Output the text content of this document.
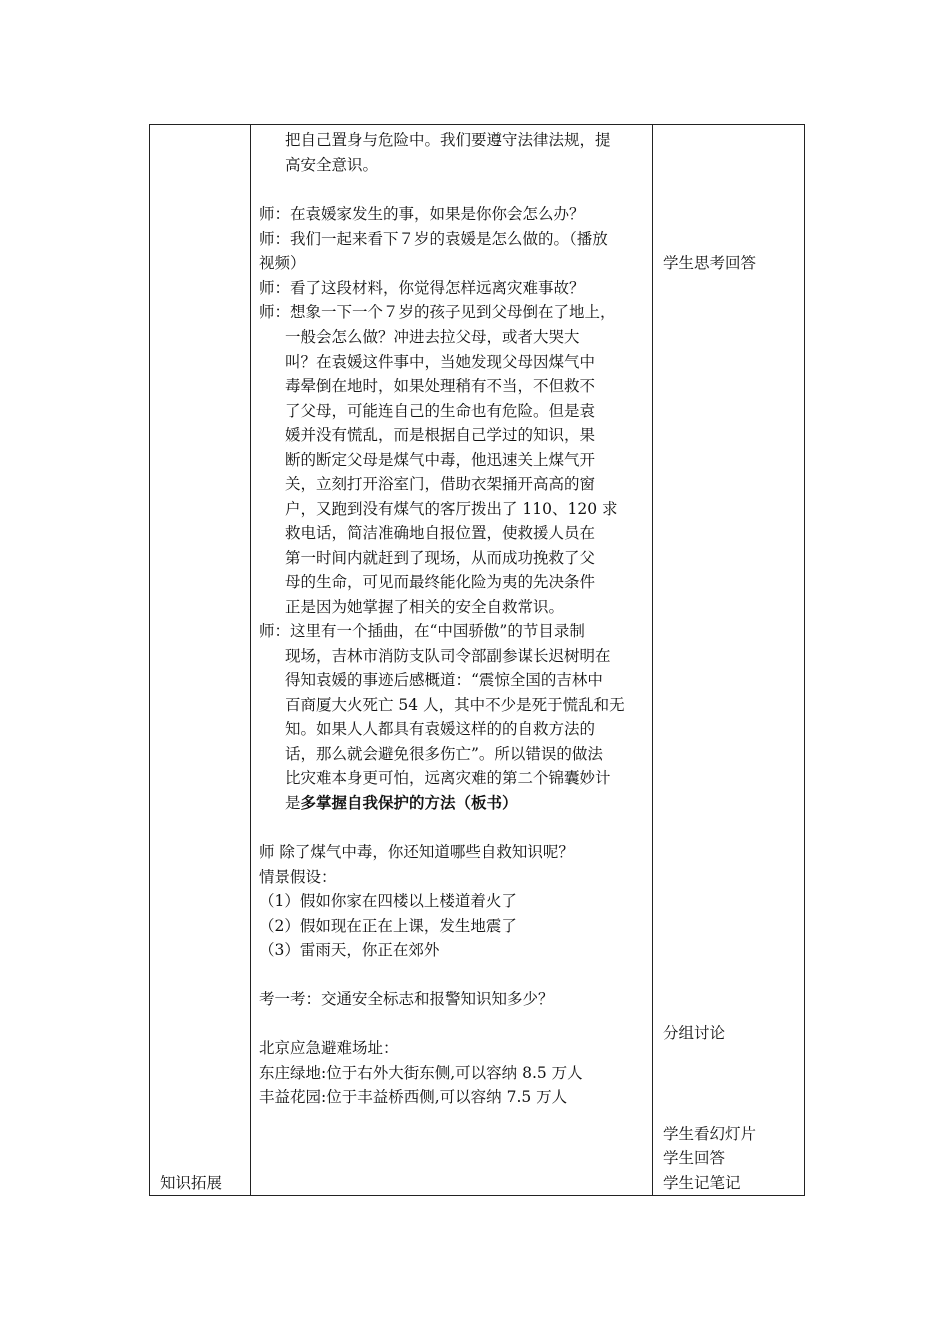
知识拓展
把自己置身与危险中。我们要遵守法律法规，提
高安全意识。
师：在袁媛家发生的事，如果是你你会怎么办？
师：我们一起来看下７岁的袁媛是怎么做的。（播放
视频）
师：看了这段材料，你觉得怎样远离灾难事故？
师：想象一下一个７岁的孩子见到父母倒在了地上，
一般会怎么做？冲进去拉父母，或者大哭大
叫？在袁媛这件事中，当她发现父母因煤气中
毒晕倒在地时，如果处理稍有不当，不但救不
了父母，可能连自己的生命也有危险。但是袁
媛并没有慌乱，而是根据自己学过的知识，果
断的断定父母是煤气中毒，他迅速关上煤气开
关，立刻打开浴室门，借助衣架捅开高高的窗
户，又跑到没有煤气的客厅拨出了 110、120 求
救电话，简洁准确地自报位置，使救援人员在
第一时间内就赶到了现场，从而成功挽救了父
母的生命，可见而最终能化险为夷的先决条件
正是因为她掌握了相关的安全自救常识。
师：这里有一个插曲，在“中国骄傲”的节目录制
现场，吉林市消防支队司令部副参谋长迟树明在
得知袁媛的事迹后感概道：“震惊全国的吉林中
百商厦大火死亡 54 人，其中不少是死于慌乱和无
知。如果人人都具有袁媛这样的的自救方法的
话，那么就会避免很多伤亡”。所以错误的做法
比灾难本身更可怕，远离灾难的第二个锦囊妙计
是多掌握自我保护的方法（板书）
师 除了煤气中毒，你还知道哪些自救知识呢？
情景假设：
（1）假如你家在四楼以上楼道着火了
（2）假如现在正在上课，发生地震了
（3）雷雨天，你正在郊外
考一考：交通安全标志和报警知识知多少？
北京应急避难场址：
东庄绿地:位于右外大街东侧,可以容纳 8.5 万人
丰益花园:位于丰益桥西侧,可以容纳 7.5 万人
学生思考回答
分组讨论
学生看幻灯片
学生回答
学生记笔记
